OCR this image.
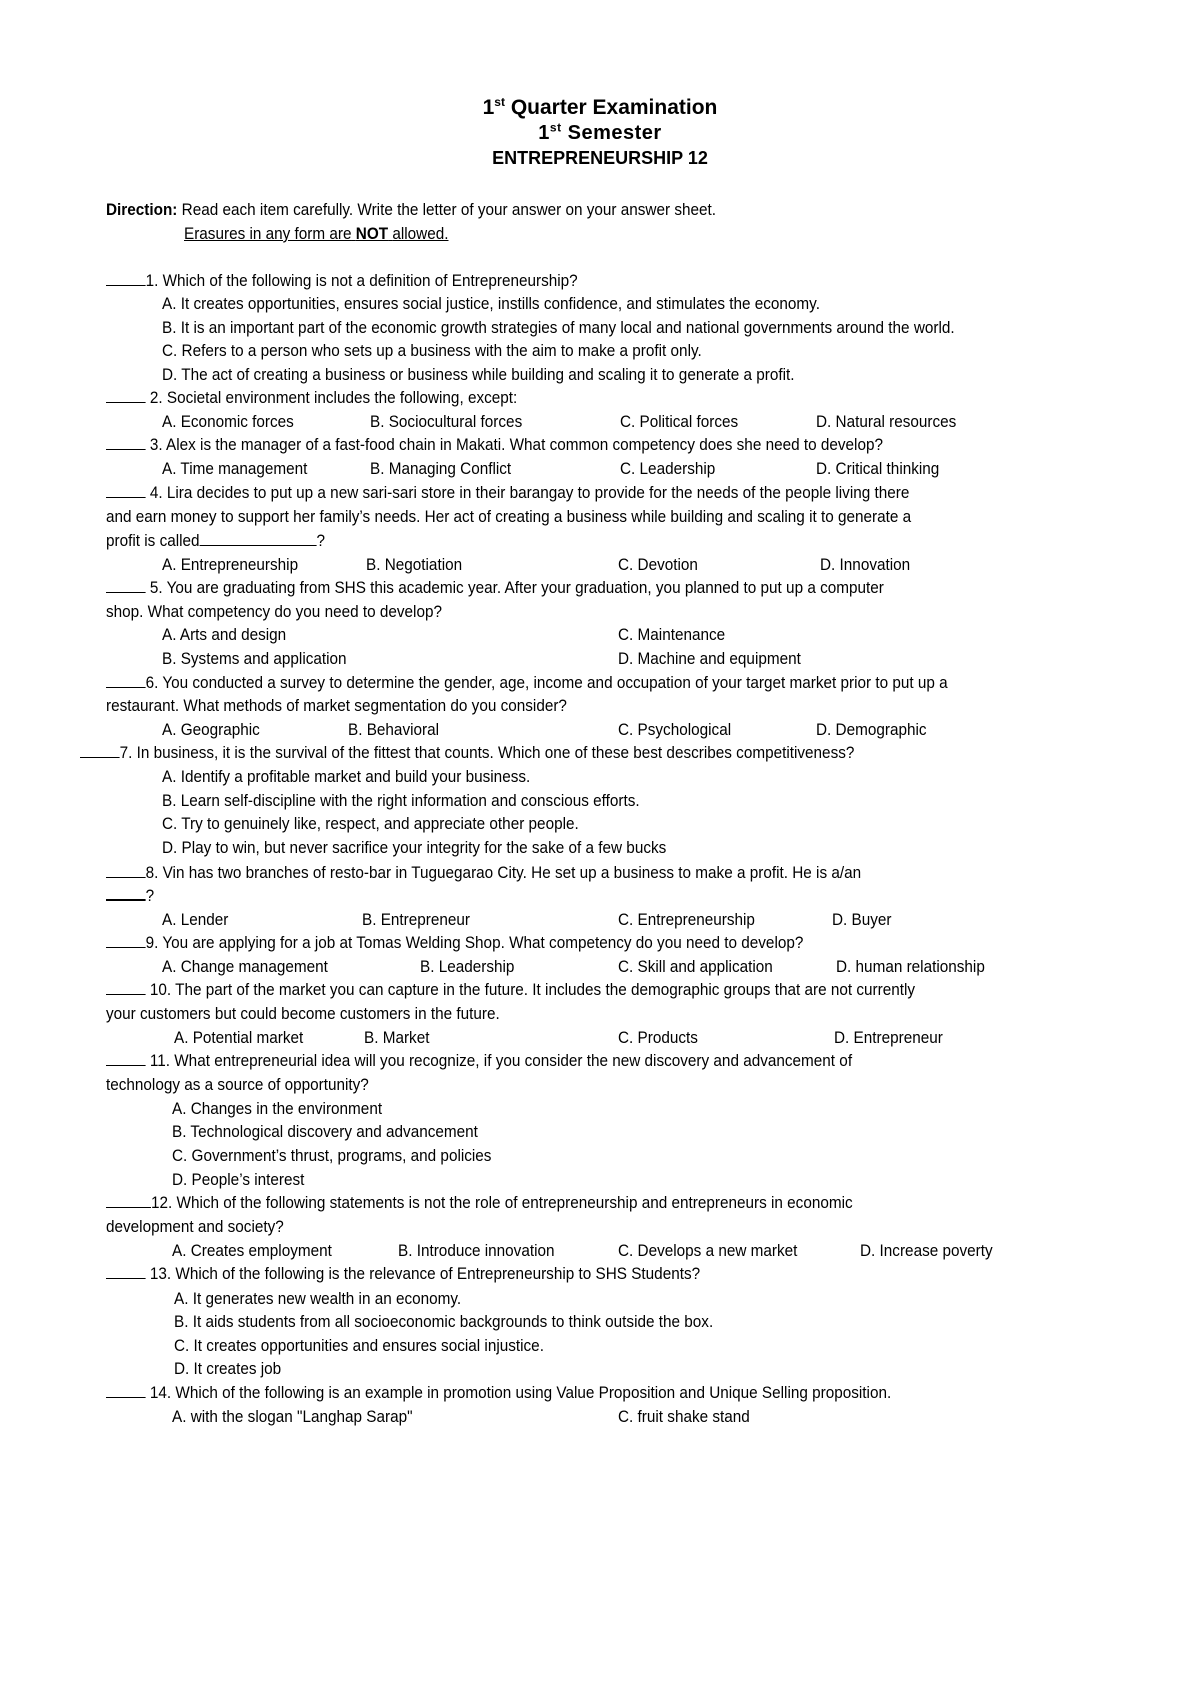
1st Quarter Examination
1st Semester
ENTREPRENEURSHIP 12
Direction: Read each item carefully. Write the letter of your answer on your answer sheet.
Erasures in any form are NOT allowed.
1. Which of the following is not a definition of Entrepreneurship?
A. It creates opportunities, ensures social justice, instills confidence, and stimulates the economy.
B. It is an important part of the economic growth strategies of many local and national governments around the world.
C. Refers to a person who sets up a business with the aim to make a profit only.
D. The act of creating a business or business while building and scaling it to generate a profit.
2. Societal environment includes the following, except:
A. Economic forces	B. Sociocultural forces	C. Political forces	D. Natural resources
3. Alex is the manager of a fast-food chain in Makati. What common competency does she need to develop?
A. Time management	B. Managing Conflict	C. Leadership	D. Critical thinking
4. Lira decides to put up a new sari-sari store in their barangay to provide for the needs of the people living there
and earn money to support her family’s needs. Her act of creating a business while building and scaling it to generate a
profit is called	?
A. Entrepreneurship	B. Negotiation	C. Devotion	D. Innovation
5. You are graduating from SHS this academic year. After your graduation, you planned to put up a computer
shop. What competency do you need to develop?
A. Arts and design	C. Maintenance
B. Systems and application	D. Machine and equipment
6. You conducted a survey to determine the gender, age, income and occupation of your target market prior to put up a
restaurant. What methods of market segmentation do you consider?
A. Geographic	B. Behavioral	C. Psychological	D. Demographic
7. In business, it is the survival of the fittest that counts. Which one of these best describes competitiveness?
A. Identify a profitable market and build your business.
B. Learn self-discipline with the right information and conscious efforts.
C. Try to genuinely like, respect, and appreciate other people.
D. Play to win, but never sacrifice your integrity for the sake of a few bucks
8. Vin has two branches of resto-bar in Tuguegarao City. He set up a business to make a profit. He is a/an
?
A. Lender	B. Entrepreneur	C. Entrepreneurship	D. Buyer
9. You are applying for a job at Tomas Welding Shop. What competency do you need to develop?
A. Change management	B. Leadership	C. Skill and application	D. human relationship
10. The part of the market you can capture in the future. It includes the demographic groups that are not currently
your customers but could become customers in the future.
A. Potential market	B. Market	C. Products	D. Entrepreneur
11. What entrepreneurial idea will you recognize, if you consider the new discovery and advancement of
technology as a source of opportunity?
A. Changes in the environment
B. Technological discovery and advancement
C. Government’s thrust, programs, and policies
D. People’s interest
12. Which of the following statements is not the role of entrepreneurship and entrepreneurs in economic
development and society?
A. Creates employment	B. Introduce innovation	C. Develops a new market	D. Increase poverty
13. Which of the following is the relevance of Entrepreneurship to SHS Students?
A. It generates new wealth in an economy.
B. It aids students from all socioeconomic backgrounds to think outside the box.
C. It creates opportunities and ensures social injustice.
D. It creates job
14. Which of the following is an example in promotion using Value Proposition and Unique Selling proposition.
A. with the slogan "Langhap Sarap"	C. fruit shake stand
